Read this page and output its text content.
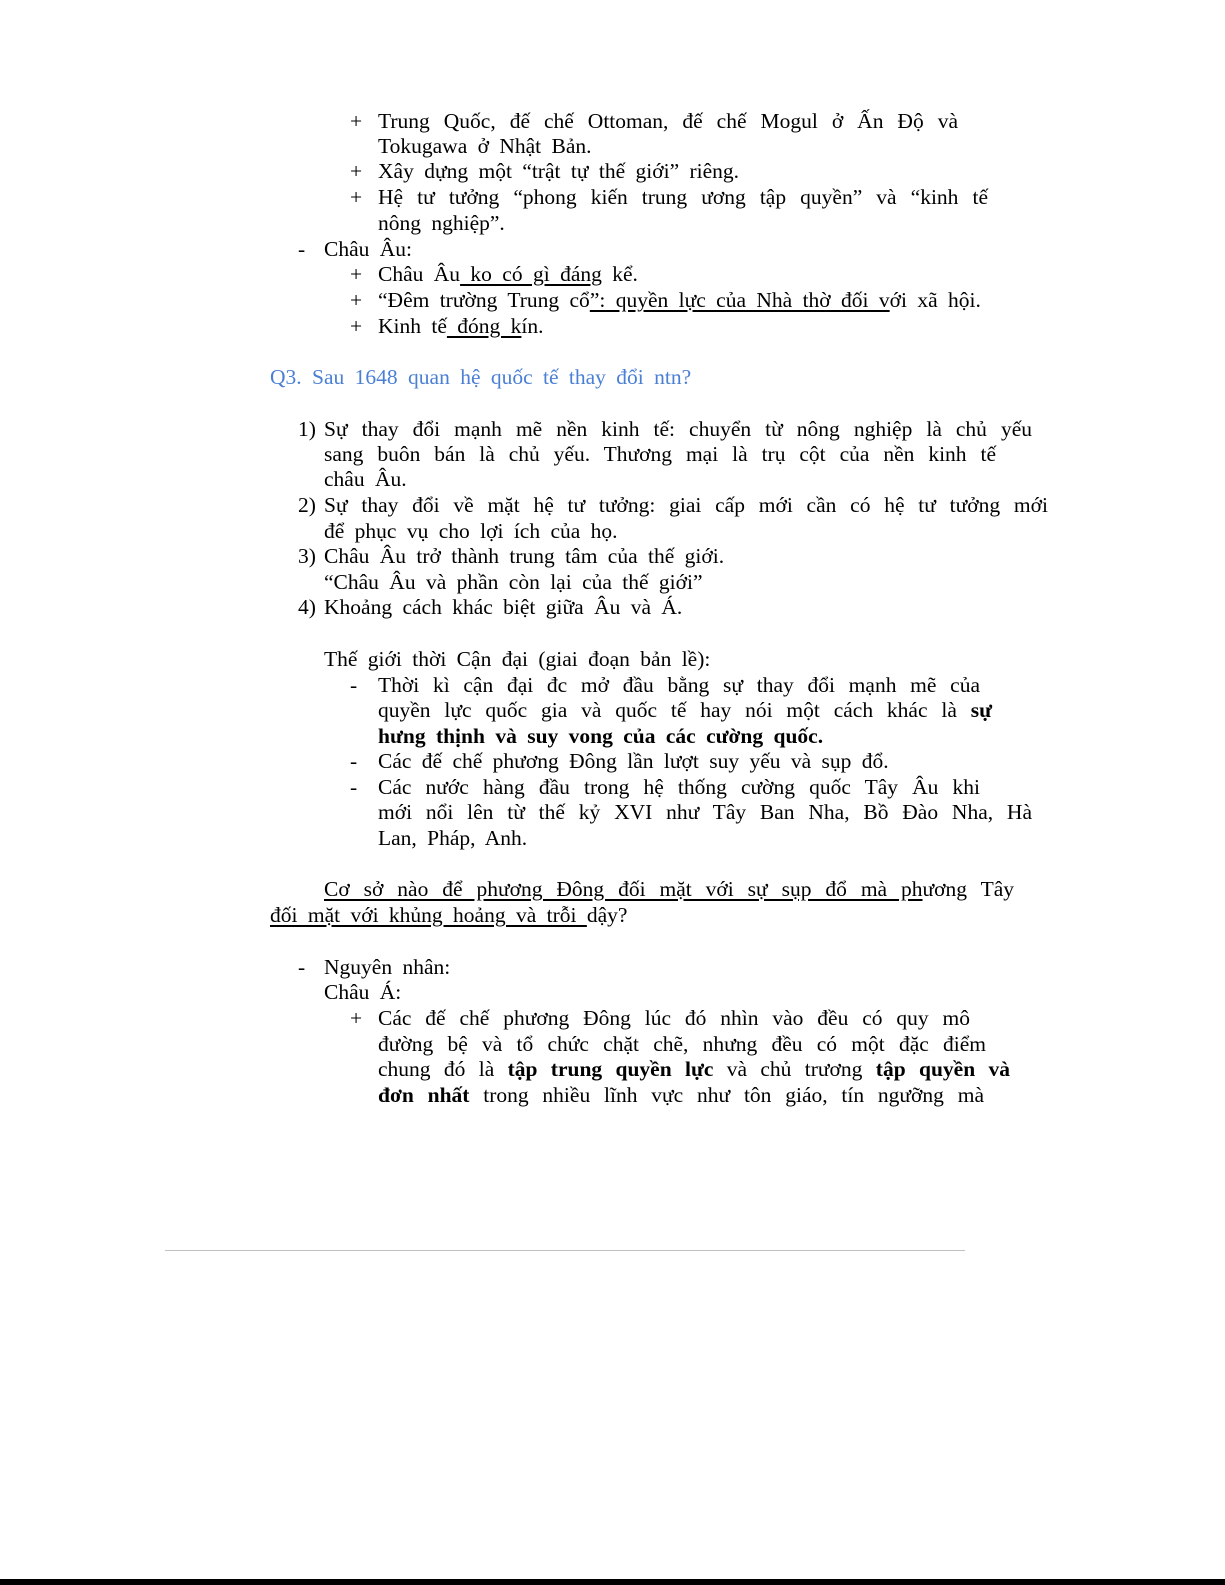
+ Trung Quốc, đế chế Ottoman, đế chế Mogul ở Ấn Độ và
Tokugawa ở Nhật Bản.
+ Xây dựng một “trật tự thế giới” riêng.
+ Hệ tư tưởng “phong kiến trung ương tập quyền” và “kinh tế
nông nghiệp”.
- Châu Âu:
+ Châu Âu ko có gì đáng kể.
+ “Đêm trường Trung cổ”: quyền lực của Nhà thờ đối với xã hội.
+ Kinh tế đóng kín.
Q3. Sau 1648 quan hệ quốc tế thay đổi ntn?
1) Sự thay đổi mạnh mẽ nền kinh tế: chuyển từ nông nghiệp là chủ yếu
sang buôn bán là chủ yếu. Thương mại là trụ cột của nền kinh tế
châu Âu.
2) Sự thay đổi về mặt hệ tư tưởng: giai cấp mới cần có hệ tư tưởng mới
để phục vụ cho lợi ích của họ.
3) Châu Âu trở thành trung tâm của thế giới.
“Châu Âu và phần còn lại của thế giới”
4) Khoảng cách khác biệt giữa Âu và Á.
Thế giới thời Cận đại (giai đoạn bản lề):
- Thời kì cận đại đc mở đầu bằng sự thay đổi mạnh mẽ của
quyền lực quốc gia và quốc tế hay nói một cách khác là sự
hưng thịnh và suy vong của các cường quốc.
- Các đế chế phương Đông lần lượt suy yếu và sụp đổ.
- Các nước hàng đầu trong hệ thống cường quốc Tây Âu khi
mới nổi lên từ thế kỷ XVI như Tây Ban Nha, Bồ Đào Nha, Hà
Lan, Pháp, Anh.
Cơ sở nào để phương Đông đối mặt với sự sụp đổ mà phương Tây
đối mặt với khủng hoảng và trỗi dậy?
- Nguyên nhân:
Châu Á:
+ Các đế chế phương Đông lúc đó nhìn vào đều có quy mô
đường bệ và tổ chức chặt chẽ, nhưng đều có một đặc điểm
chung đó là tập trung quyền lực và chủ trương tập quyền và
đơn nhất trong nhiều lĩnh vực như tôn giáo, tín ngưỡng mà
